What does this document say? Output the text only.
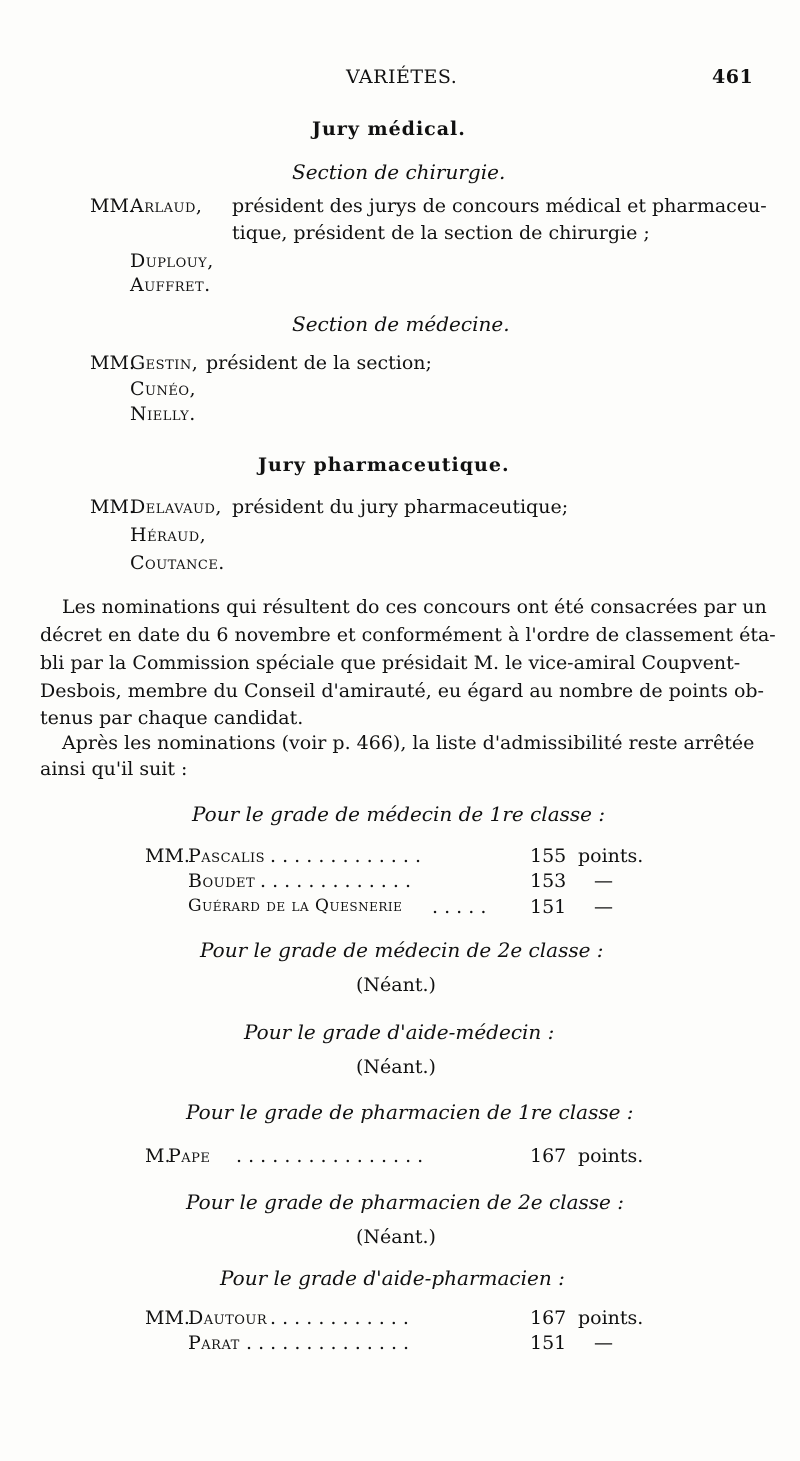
VARIÉTES.	461
Jury médical.
Section de chirurgie.
MM.
Arlaud, président des jurys de concours médical et pharmaceu-
tique, président de la section de chirurgie ;
Duplouy,
Auffret.
Section de médecine.
MM.
Gestin, président de la section;
Cunéo,
Nielly.
Jury pharmaceutique.
MM.
Delavaud, président du jury pharmaceutique;
Héraud,
Coutance.
Les nominations qui résultent do ces concours ont été consacrées par un
décret en date du 6 novembre et conformément à l'ordre de classement éta-
bli par la Commission spéciale que présidait M. le vice-amiral Coupvent-
Desbois, membre du Conseil d'amirauté, eu égard au nombre de points ob-
tenus par chaque candidat.
Après les nominations (voir p. 466), la liste d'admissibilité reste arrêtée
ainsi qu'il suit :
Pour le grade de médecin de 1re classe :
MM.
Pascalis . . . . . . . . . . . . .	155 points.
Boudet . . . . . . . . . . . . .	153 —
Guérard de la Quesnerie . . . . . 151 —
Pour le grade de médecin de 2e classe :
(Néant.)
Pour le grade d'aide-médecin :
(Néant.)
Pour le grade de pharmacien de 1re classe :
M.
Pape . . . . . . . . . . . . . . . .	167 points.
Pour le grade de pharmacien de 2e classe :
(Néant.)
Pour le grade d'aide-pharmacien :
MM.
Dautour . . . . . . . . . . . .	167 points.
Parat . . . . . . . . . . . . . .	151 —
